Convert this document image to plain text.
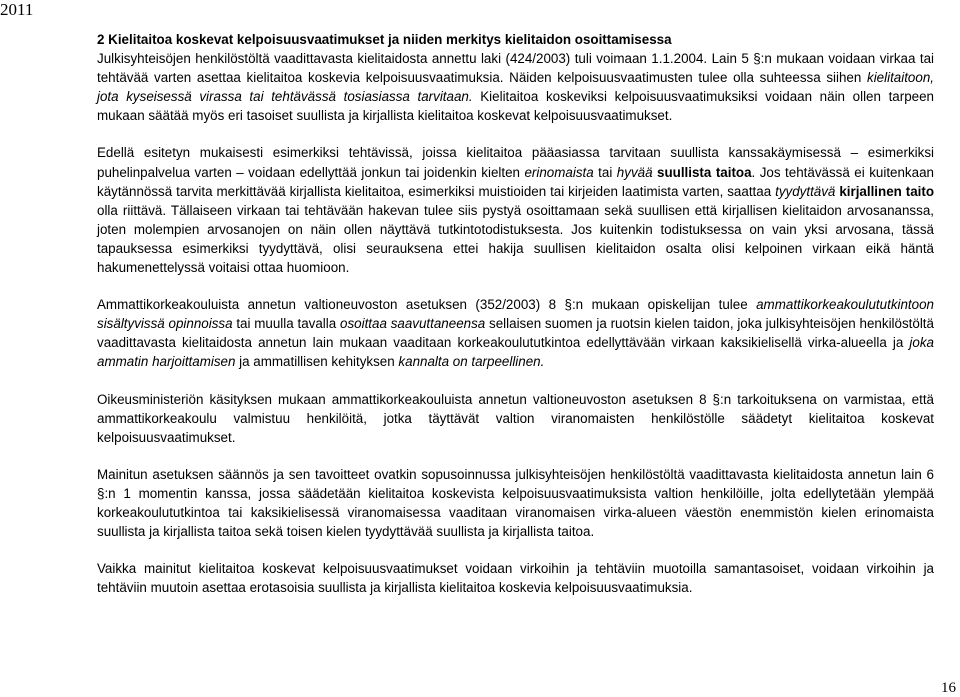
2011

2 Kielitaitoa koskevat kelpoisuusvaatimukset ja niiden merkitys kielitaidon osoittamisessa
Julkisyhteisöjen henkilöstöltä vaadittavasta kielitaidosta annettu laki (424/2003) tuli voimaan 1.1.2004. Lain 5 §:n mukaan voidaan virkaa tai tehtävää varten asettaa kielitaitoa koskevia kelpoisuusvaatimuksia. Näiden kelpoisuusvaatimusten tulee olla suhteessa siihen kielitaitoon, jota kyseisessä virassa tai tehtävässä tosiasiassa tarvitaan. Kielitaitoa koskeviksi kelpoisuusvaatimuksiksi voidaan näin ollen tarpeen mukaan säätää myös eri tasoiset suullista ja kirjallista kielitaitoa koskevat kelpoisuusvaatimukset.

Edellä esitetyn mukaisesti esimerkiksi tehtävissä, joissa kielitaitoa pääasiassa tarvitaan suullista kanssakäymisessä – esimerkiksi puhelinpalvelua varten – voidaan edellyttää jonkun tai joidenkin kielten erinomaista tai hyvää suullista taitoa. Jos tehtävässä ei kuitenkaan käytännössä tarvita merkittävää kirjallista kielitaitoa, esimerkiksi muistioiden tai kirjeiden laatimista varten, saattaa tyydyttävä kirjallinen taito olla riittävä. Tällaiseen virkaan tai tehtävään hakevan tulee siis pystyä osoittamaan sekä suullisen että kirjallisen kielitaidon arvosananssa, joten molempien arvosanojen on näin ollen näyttävä tutkintotodistuksesta. Jos kuitenkin todistuksessa on vain yksi arvosana, tässä tapauksessa esimerkiksi tyydyttävä, olisi seurauksena ettei hakija suullisen kielitaidon osalta olisi kelpoinen virkaan eikä häntä hakumenettelyssä voitaisi ottaa huomioon.

Ammattikorkeakouluista annetun valtioneuvoston asetuksen (352/2003) 8 §:n mukaan opiskelijan tulee ammattikorkeakoulututkintoon sisältyvissä opinnoissa tai muulla tavalla osoittaa saavuttaneensa sellaisen suomen ja ruotsin kielen taidon, joka julkisyhteisöjen henkilöstöltä vaadittavasta kielitaidosta annetun lain mukaan vaaditaan korkeakoulututkintoa edellyttävään virkaan kaksikielisellä virka-alueella ja joka ammatin harjoittamisen ja ammatillisen kehityksen kannalta on tarpeellinen.

Oikeusministeriön käsityksen mukaan ammattikorkeakouluista annetun valtioneuvoston asetuksen 8 §:n tarkoituksena on varmistaa, että ammattikorkeakoulu valmistuu henkilöitä, jotka täyttävät valtion viranomaisten henkilöstölle säädetyt kielitaitoa koskevat kelpoisuusvaatimukset.

Mainitun asetuksen säännös ja sen tavoitteet ovatkin sopusoinnussa julkisyhteisöjen henkilöstöltä vaadittavasta kielitaidosta annetun lain 6 §:n 1 momentin kanssa, jossa säädetään kielitaitoa koskevista kelpoisuusvaatimuksista valtion henkilöille, jolta edellytetään ylempää korkeakoulututkintoa tai kaksikielisessä viranomaisessa vaaditaan viranomaisen virka-alueen väestön enemmistön kielen erinomaista suullista ja kirjallista taitoa sekä toisen kielen tyydyttävää suullista ja kirjallista taitoa.

Vaikka mainitut kielitaitoa koskevat kelpoisuusvaatimukset voidaan virkoihin ja tehtäviin muotoilla samantasoiset, voidaan virkoihin ja tehtäviin muutoin asettaa erotasoisia suullista ja kirjallista kielitaitoa koskevia kelpoisuusvaatimuksia.

16
